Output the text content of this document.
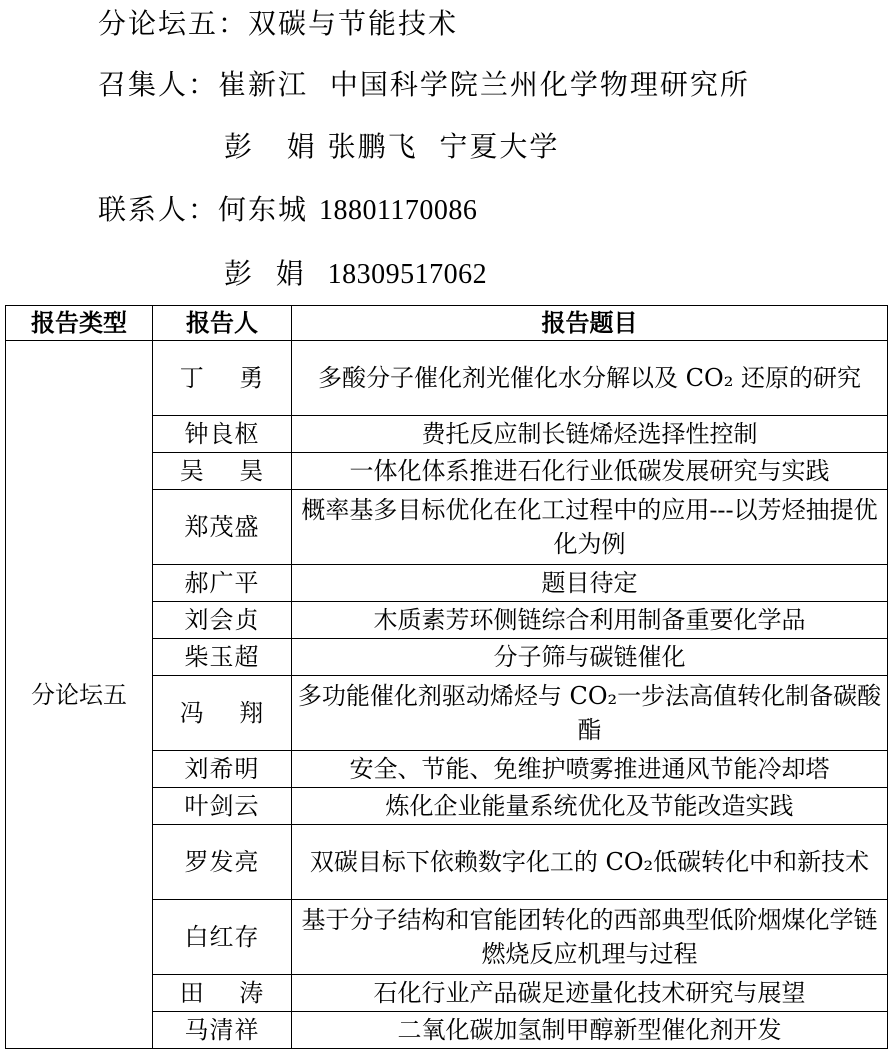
分论坛五：双碳与节能技术
召集人：崔新江  中国科学院兰州化学物理研究所
彭   娟 张鹏飞  宁夏大学
联系人：何东城 18801170086
彭  娟 18309517062
报告类型	报告人	报告题目
分论坛五	丁    勇	多酸分子催化剂光催化水分解以及 CO₂ 还原的研究
	钟良枢	费托反应制长链烯烃选择性控制
	吴    昊	一体化体系推进石化行业低碳发展研究与实践
	郑茂盛	概率基多目标优化在化工过程中的应用---以芳烃抽提优化为例
	郝广平	题目待定
	刘会贞	木质素芳环侧链综合利用制备重要化学品
	柴玉超	分子筛与碳链催化
	冯    翔	多功能催化剂驱动烯烃与 CO₂一步法高值转化制备碳酸酯
	刘希明	安全、节能、免维护喷雾推进通风节能冷却塔
	叶剑云	炼化企业能量系统优化及节能改造实践
	罗发亮	双碳目标下依赖数字化工的 CO₂低碳转化中和新技术
	白红存	基于分子结构和官能团转化的西部典型低阶烟煤化学链燃烧反应机理与过程
	田    涛	石化行业产品碳足迹量化技术研究与展望
	马清祥	二氧化碳加氢制甲醇新型催化剂开发
